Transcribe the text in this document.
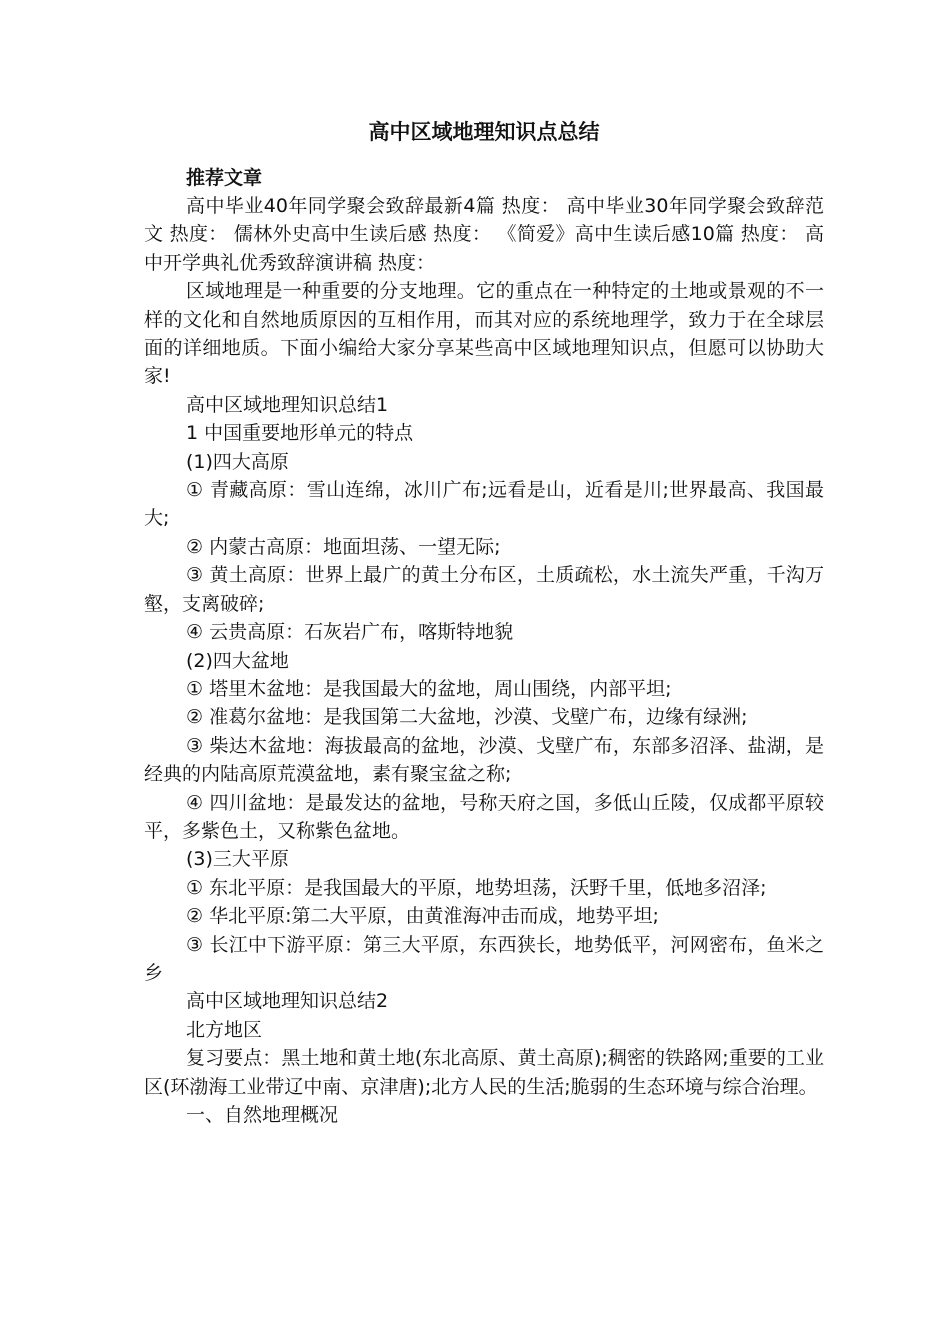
高中区域地理知识点总结

推荐文章

高中毕业40年同学聚会致辞最新4篇 热度： 高中毕业30年同学聚会致辞范文 热度： 儒林外史高中生读后感 热度： 《简爱》高中生读后感10篇 热度： 高中开学典礼优秀致辞演讲稿 热度：

区域地理是一种重要的分支地理。它的重点在一种特定的土地或景观的不一样的文化和自然地质原因的互相作用，而其对应的系统地理学，致力于在全球层面的详细地质。下面小编给大家分享某些高中区域地理知识点，但愿可以协助大家!

高中区域地理知识总结1

1 中国重要地形单元的特点

(1)四大高原

① 青藏高原：雪山连绵，冰川广布;远看是山，近看是川;世界最高、我国最大;

② 内蒙古高原：地面坦荡、一望无际;

③ 黄土高原：世界上最广的黄土分布区，土质疏松，水土流失严重，千沟万壑，支离破碎;

④ 云贵高原：石灰岩广布，喀斯特地貌

(2)四大盆地

① 塔里木盆地：是我国最大的盆地，周山围绕，内部平坦;

② 准葛尔盆地：是我国第二大盆地，沙漠、戈壁广布，边缘有绿洲;

③ 柴达木盆地：海拔最高的盆地，沙漠、戈壁广布，东部多沼泽、盐湖，是经典的内陆高原荒漠盆地，素有聚宝盆之称;

④ 四川盆地：是最发达的盆地，号称天府之国，多低山丘陵，仅成都平原较平，多紫色土，又称紫色盆地。

(3)三大平原

① 东北平原：是我国最大的平原，地势坦荡，沃野千里，低地多沼泽;

② 华北平原:第二大平原，由黄淮海冲击而成，地势平坦;

③ 长江中下游平原：第三大平原，东西狭长，地势低平，河网密布，鱼米之乡

高中区域地理知识总结2

北方地区

复习要点：黑土地和黄土地(东北高原、黄土高原);稠密的铁路网;重要的工业区(环渤海工业带辽中南、京津唐);北方人民的生活;脆弱的生态环境与综合治理。

一、自然地理概况
